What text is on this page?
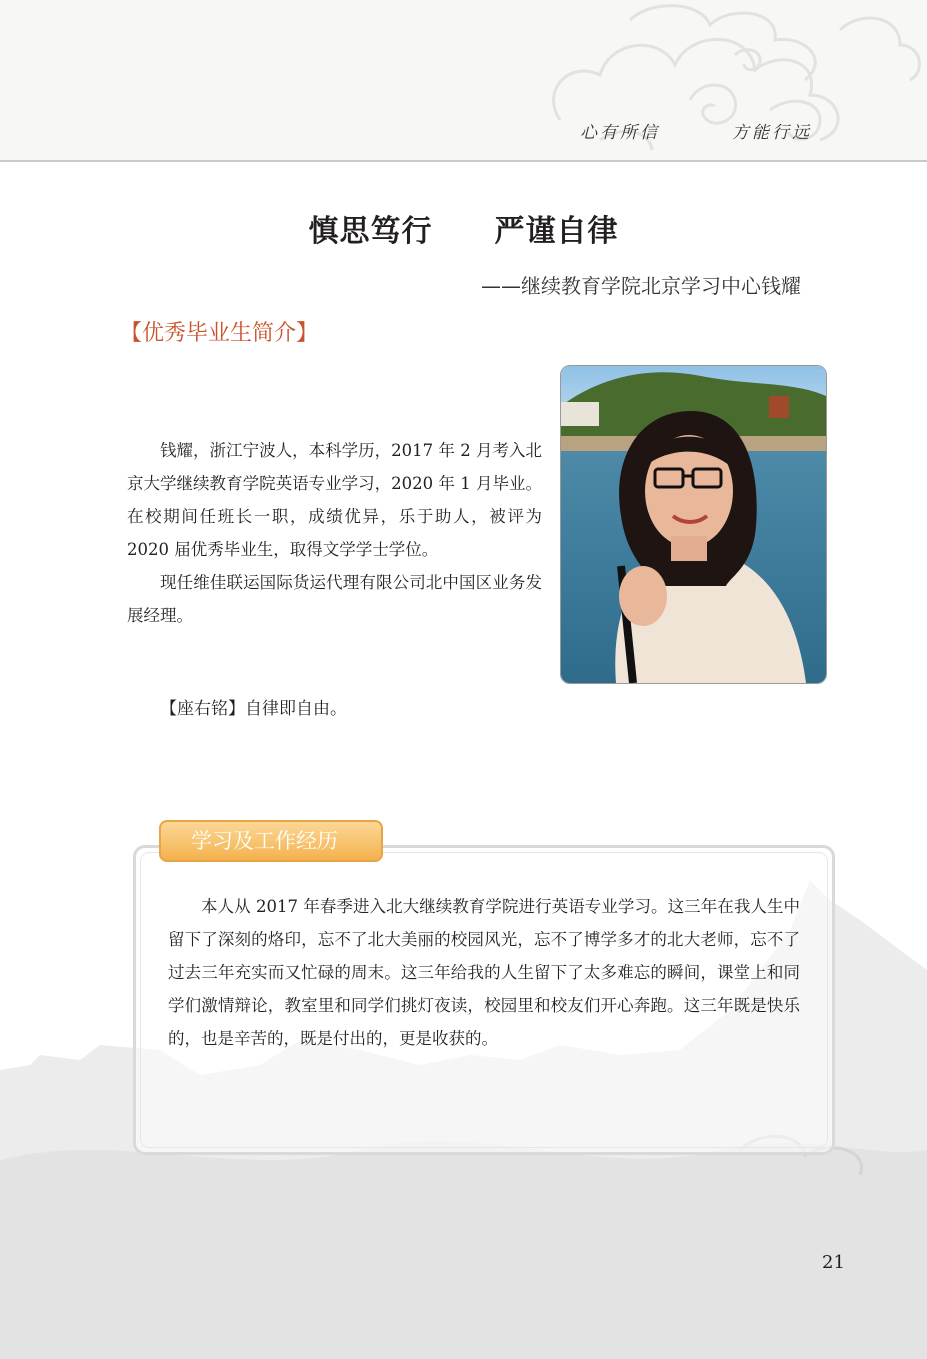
心有所信	方能行远
慎思笃行　　严谨自律
——继续教育学院北京学习中心钱耀
【优秀毕业生简介】

钱耀，浙江宁波人，本科学历，2017 年 2 月考入北京大学继续教育学院英语专业学习，2020 年 1 月毕业。在校期间任班长一职，成绩优异，乐于助人，被评为 2020 届优秀毕业生，取得文学学士学位。

现任维佳联运国际货运代理有限公司北中国区业务发展经理。

【座右铭】自律即自由。
学习及工作经历

本人从 2017 年春季进入北大继续教育学院进行英语专业学习。这三年在我人生中留下了深刻的烙印，忘不了北大美丽的校园风光，忘不了博学多才的北大老师，忘不了过去三年充实而又忙碌的周末。这三年给我的人生留下了太多难忘的瞬间，课堂上和同学们激情辩论，教室里和同学们挑灯夜读，校园里和校友们开心奔跑。这三年既是快乐的，也是辛苦的，既是付出的，更是收获的。

21
